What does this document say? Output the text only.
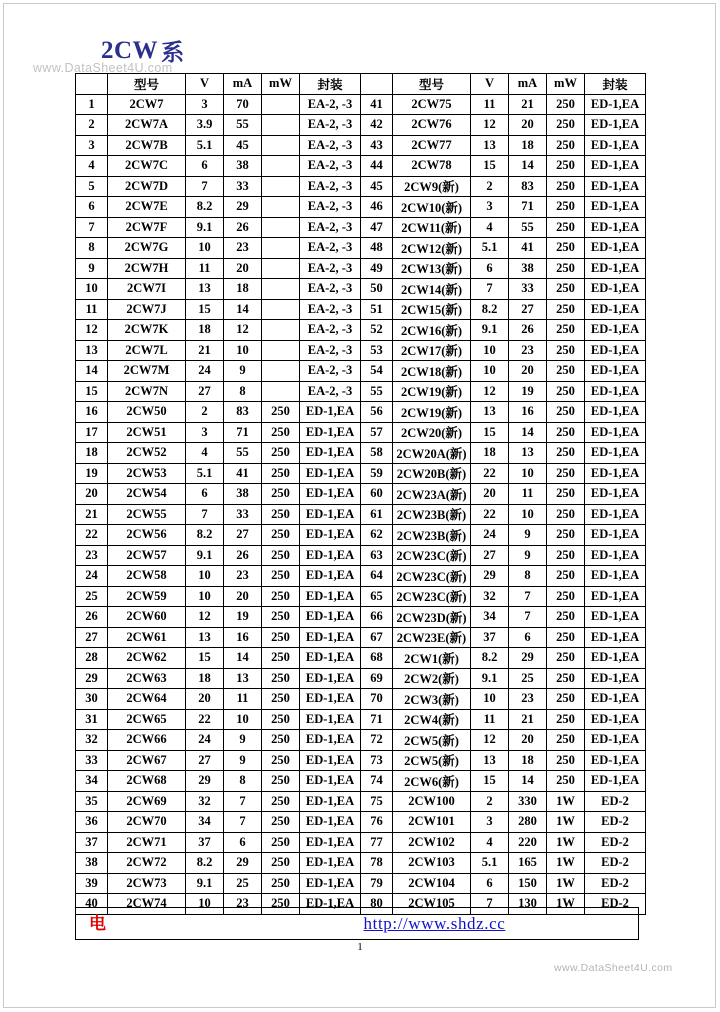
www.DataSheet4U.com
2CW 系
	型号	V	mA	mW	封装		型号	V	mA	mW	封装
1	2CW7	3	70		EA-2, -3	41	2CW75	11	21	250	ED-1,EA
2	2CW7A	3.9	55		EA-2, -3	42	2CW76	12	20	250	ED-1,EA
3	2CW7B	5.1	45		EA-2, -3	43	2CW77	13	18	250	ED-1,EA
4	2CW7C	6	38		EA-2, -3	44	2CW78	15	14	250	ED-1,EA
5	2CW7D	7	33		EA-2, -3	45	2CW9(新)	2	83	250	ED-1,EA
6	2CW7E	8.2	29		EA-2, -3	46	2CW10(新)	3	71	250	ED-1,EA
7	2CW7F	9.1	26		EA-2, -3	47	2CW11(新)	4	55	250	ED-1,EA
8	2CW7G	10	23		EA-2, -3	48	2CW12(新)	5.1	41	250	ED-1,EA
9	2CW7H	11	20		EA-2, -3	49	2CW13(新)	6	38	250	ED-1,EA
10	2CW7I	13	18		EA-2, -3	50	2CW14(新)	7	33	250	ED-1,EA
11	2CW7J	15	14		EA-2, -3	51	2CW15(新)	8.2	27	250	ED-1,EA
12	2CW7K	18	12		EA-2, -3	52	2CW16(新)	9.1	26	250	ED-1,EA
13	2CW7L	21	10		EA-2, -3	53	2CW17(新)	10	23	250	ED-1,EA
14	2CW7M	24	9		EA-2, -3	54	2CW18(新)	10	20	250	ED-1,EA
15	2CW7N	27	8		EA-2, -3	55	2CW19(新)	12	19	250	ED-1,EA
16	2CW50	2	83	250	ED-1,EA	56	2CW19(新)	13	16	250	ED-1,EA
17	2CW51	3	71	250	ED-1,EA	57	2CW20(新)	15	14	250	ED-1,EA
18	2CW52	4	55	250	ED-1,EA	58	2CW20A(新)	18	13	250	ED-1,EA
19	2CW53	5.1	41	250	ED-1,EA	59	2CW20B(新)	22	10	250	ED-1,EA
20	2CW54	6	38	250	ED-1,EA	60	2CW23A(新)	20	11	250	ED-1,EA
21	2CW55	7	33	250	ED-1,EA	61	2CW23B(新)	22	10	250	ED-1,EA
22	2CW56	8.2	27	250	ED-1,EA	62	2CW23B(新)	24	9	250	ED-1,EA
23	2CW57	9.1	26	250	ED-1,EA	63	2CW23C(新)	27	9	250	ED-1,EA
24	2CW58	10	23	250	ED-1,EA	64	2CW23C(新)	29	8	250	ED-1,EA
25	2CW59	10	20	250	ED-1,EA	65	2CW23C(新)	32	7	250	ED-1,EA
26	2CW60	12	19	250	ED-1,EA	66	2CW23D(新)	34	7	250	ED-1,EA
27	2CW61	13	16	250	ED-1,EA	67	2CW23E(新)	37	6	250	ED-1,EA
28	2CW62	15	14	250	ED-1,EA	68	2CW1(新)	8.2	29	250	ED-1,EA
29	2CW63	18	13	250	ED-1,EA	69	2CW2(新)	9.1	25	250	ED-1,EA
30	2CW64	20	11	250	ED-1,EA	70	2CW3(新)	10	23	250	ED-1,EA
31	2CW65	22	10	250	ED-1,EA	71	2CW4(新)	11	21	250	ED-1,EA
32	2CW66	24	9	250	ED-1,EA	72	2CW5(新)	12	20	250	ED-1,EA
33	2CW67	27	9	250	ED-1,EA	73	2CW5(新)	13	18	250	ED-1,EA
34	2CW68	29	8	250	ED-1,EA	74	2CW6(新)	15	14	250	ED-1,EA
35	2CW69	32	7	250	ED-1,EA	75	2CW100	2	330	1W	ED-2
36	2CW70	34	7	250	ED-1,EA	76	2CW101	3	280	1W	ED-2
37	2CW71	37	6	250	ED-1,EA	77	2CW102	4	220	1W	ED-2
38	2CW72	8.2	29	250	ED-1,EA	78	2CW103	5.1	165	1W	ED-2
39	2CW73	9.1	25	250	ED-1,EA	79	2CW104	6	150	1W	ED-2
40	2CW74	10	23	250	ED-1,EA	80	2CW105	7	130	1W	ED-2
电	http://www.shdz.cc
1
www.DataSheet4U.com
